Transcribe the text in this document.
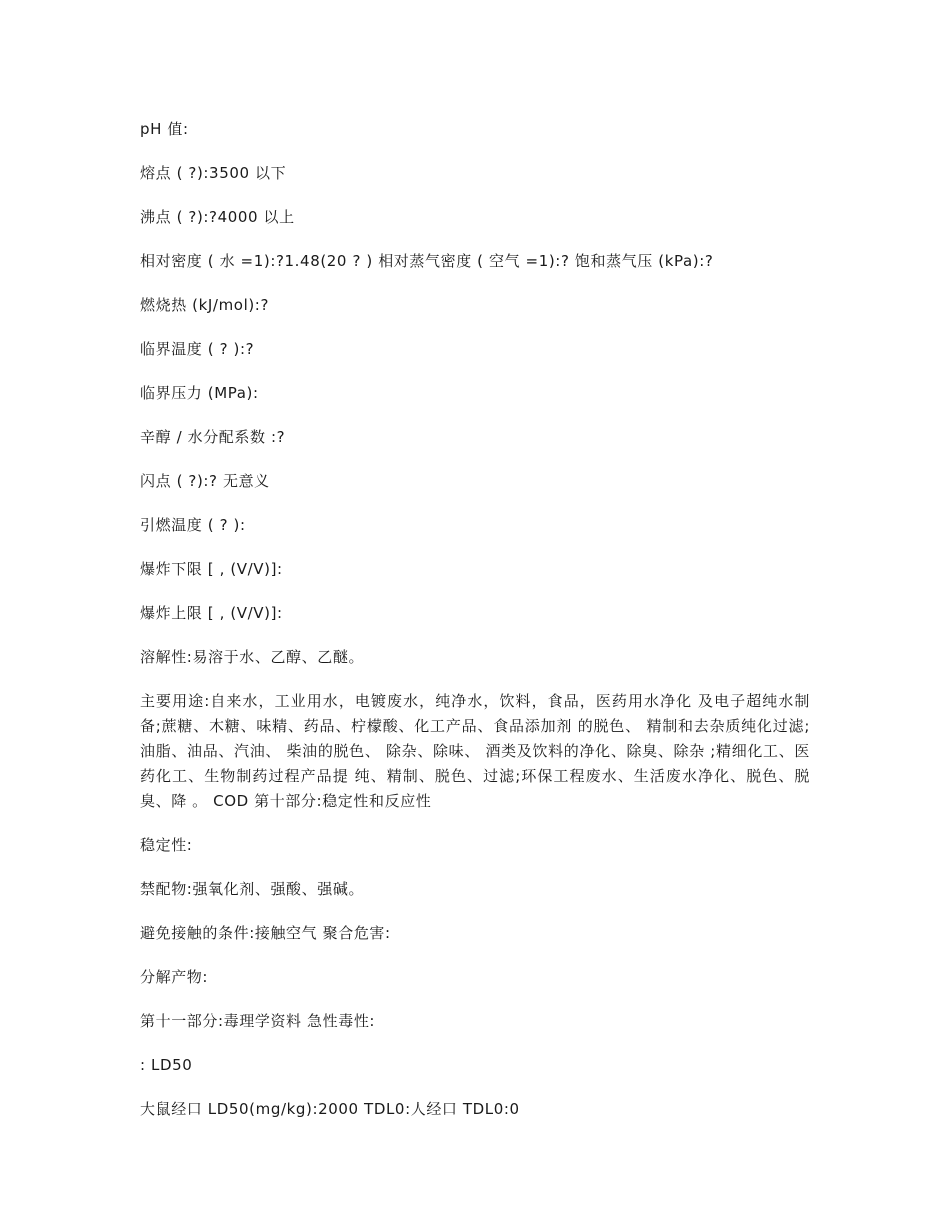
pH 值:

熔点 ( ?):3500 以下

沸点 ( ?):?4000 以上

相对密度 ( 水 =1):?1.48(20 ? ) 相对蒸气密度 ( 空气 =1):? 饱和蒸气压 (kPa):?

燃烧热 (kJ/mol):?

临界温度 ( ? ):?

临界压力 (MPa):

辛醇 / 水分配系数 :?

闪点 ( ?):? 无意义

引燃温度 ( ? ):

爆炸下限 [ , (V/V)]:

爆炸上限 [ , (V/V)]:

溶解性:易溶于水、乙醇、乙醚。

主要用途:自来水，工业用水，电镀废水，纯净水，饮料，食品，医药用水净化 及电子超纯水制备;蔗糖、木糖、味精、药品、柠檬酸、化工产品、食品添加剂 的脱色、 精制和去杂质纯化过滤; 油脂、油品、汽油、 柴油的脱色、 除杂、除味、 酒类及饮料的净化、除臭、除杂 ;精细化工、医药化工、生物制药过程产品提 纯、精制、脱色、过滤;环保工程废水、生活废水净化、脱色、脱臭、降 。 COD 第十部分:稳定性和反应性

稳定性:

禁配物:强氧化剂、强酸、强碱。

避免接触的条件:接触空气 聚合危害:

分解产物:

第十一部分:毒理学资料 急性毒性:

: LD50

大鼠经口 LD50(mg/kg):2000 TDL0:人经口 TDL0:0
